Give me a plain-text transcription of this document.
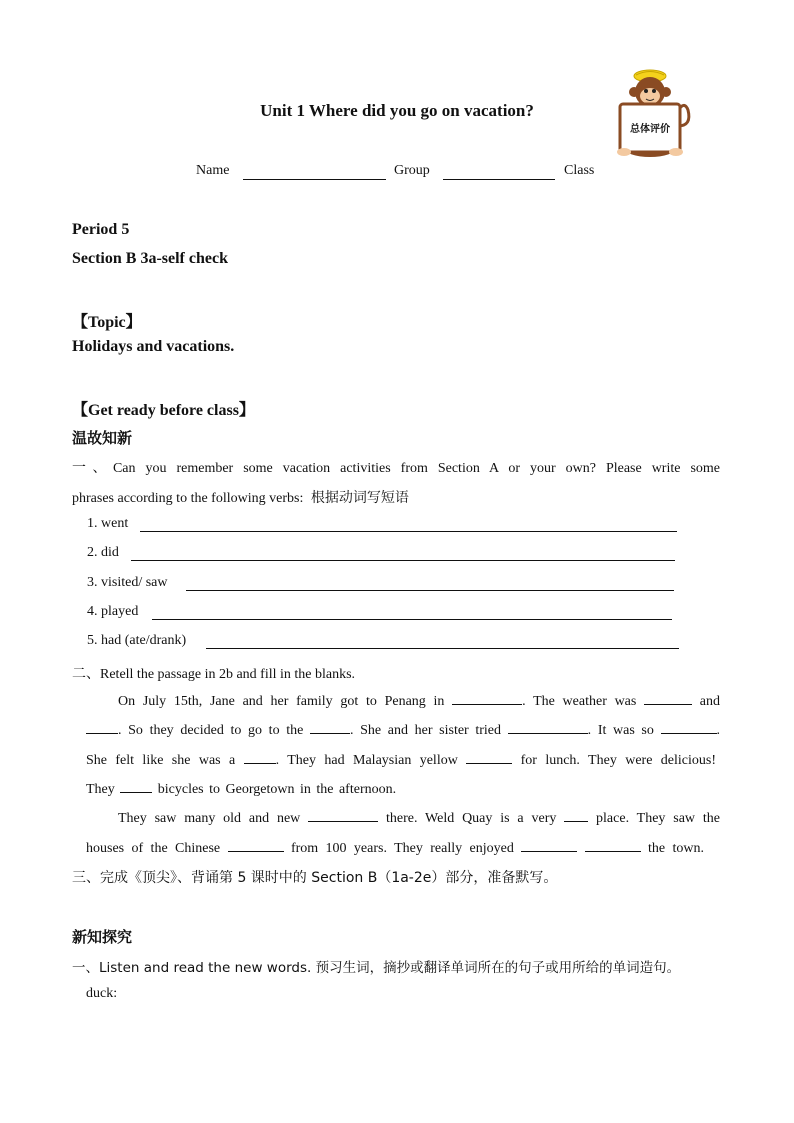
Unit 1 Where did you go on vacation?
总体评价
Name	Group	Class
Period 5
Section B 3a-self check
【Topic】
Holidays and vacations.
【Get ready before class】
温故知新
一、Can you remember some vacation activities from Section A or your own? Please write some
phrases according to the following verbs: 根据动词写短语
1. went
2. did
3. visited/ saw
4. played
5. had (ate/drank)
二、Retell the passage in 2b and fill in the blanks.
On July 15th, Jane and her family got to Penang in	. The weather was	and
. So they decided to go to the	. She and her sister tried	. It was so	.
She felt like she was a	. They had Malaysian yellow	for lunch. They were delicious!
They	bicycles to Georgetown in the afternoon.
They saw many old and new	there. Weld Quay is a very	place. They saw the
houses of the Chinese	from 100 years. They really enjoyed	the town.
三、完成《顶尖》、背诵第 5 课时中的 Section B（1a-2e）部分，准备默写。
新知探究
一、Listen and read the new words. 预习生词，摘抄或翻译单词所在的句子或用所给的单词造句。
duck:
